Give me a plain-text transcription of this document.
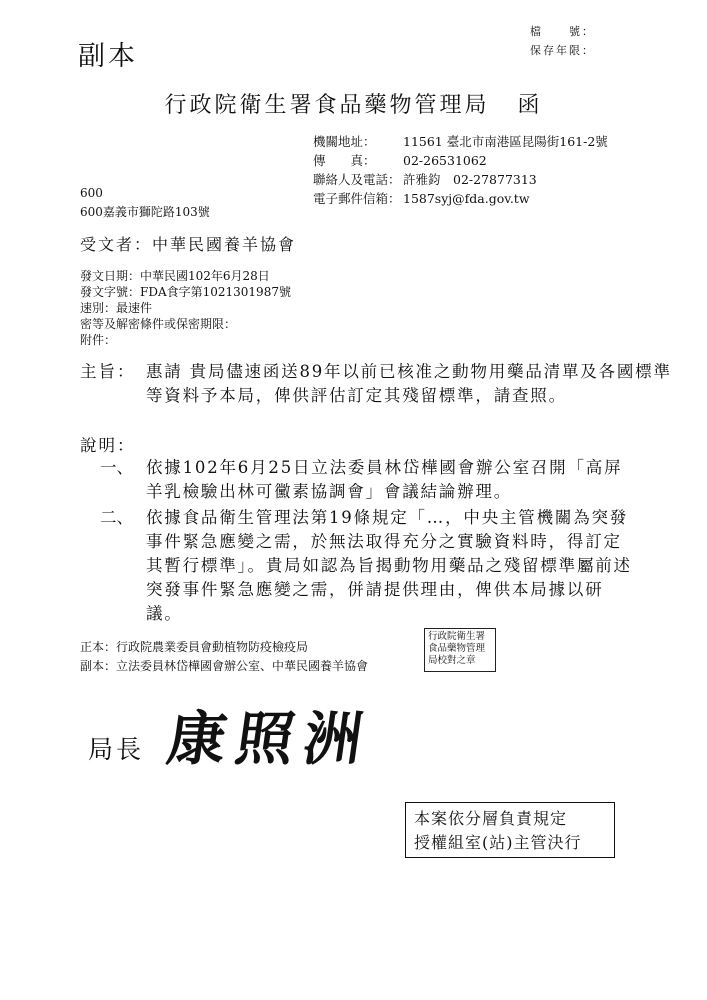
副本
檔　　號：
保存年限：
行政院衛生署食品藥物管理局 函
機關地址： 11561 臺北市南港區昆陽街161-2號
傳　　真： 02-26531062
聯絡人及電話： 許雅鈞　02-27877313
電子郵件信箱： 1587syj@fda.gov.tw
600
600嘉義市獅陀路103號
受文者：中華民國養羊協會
發文日期：中華民國102年6月28日
發文字號：FDA食字第1021301987號
速別：最速件
密等及解密條件或保密期限：
附件：
主旨： 惠請 貴局儘速函送89年以前已核准之動物用藥品清單及各國標準等資料予本局，俾供評估訂定其殘留標準，請查照。
說明：
一、 依據102年6月25日立法委員林岱樺國會辦公室召開「高屏羊乳檢驗出林可黴素協調會」會議結論辦理。
二、 依據食品衛生管理法第19條規定「…，中央主管機關為突發事件緊急應變之需，於無法取得充分之實驗資料時，得訂定其暫行標準」。貴局如認為旨揭動物用藥品之殘留標準屬前述突發事件緊急應變之需，併請提供理由，俾供本局據以研議。
正本：行政院農業委員會動植物防疫檢疫局
副本：立法委員林岱樺國會辦公室、中華民國養羊協會
行政院衛生署食品藥物管理局校對之章
局長 康照洲
本案依分層負責規定
授權組室(站)主管決行
